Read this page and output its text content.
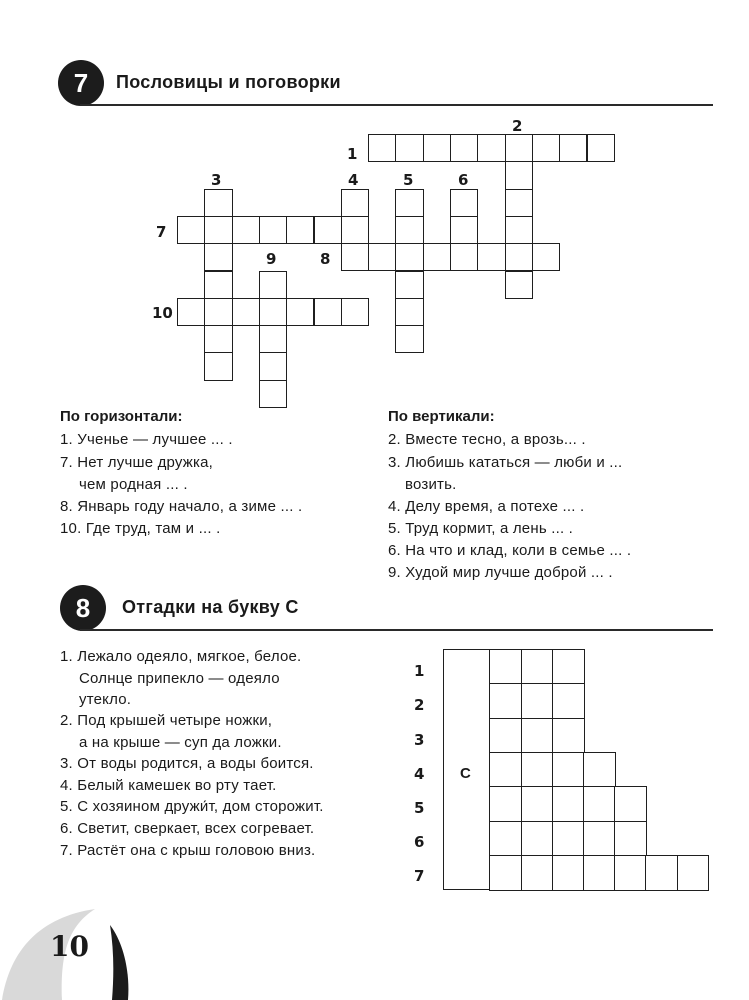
7	Пословицы и поговорки
1
2
3	4	5	6
7
8
9
10
По горизонтали:
1. Ученье — лучшее ... .
7. Нет лучше дружка,
чем родная ... .
8. Январь году начало, а зиме ... .
10. Где труд, там и ... .
По вертикали:
2. Вместе тесно, а врозь... .
3. Любишь кататься — люби и ...
возить.
4. Делу время, а потехе ... .
5. Труд кормит, а лень ... .
6. На что и клад, коли в семье ... .
9. Худой мир лучше доброй ... .
8	Отгадки на букву С
1. Лежало одеяло, мягкое, белое.
Солнце припекло — одеяло
утекло.
2. Под крышей четыре ножки,
а на крыше — суп да ложки.
3. От воды родится, а воды боится.
4. Белый камешек во рту тает.
5. С хозяином дружи́т, дом сторожит.
6. Светит, сверкает, всех согревает.
7. Растёт она с крыш головою вниз.
1
2
3
4
5
6
7
С
10
